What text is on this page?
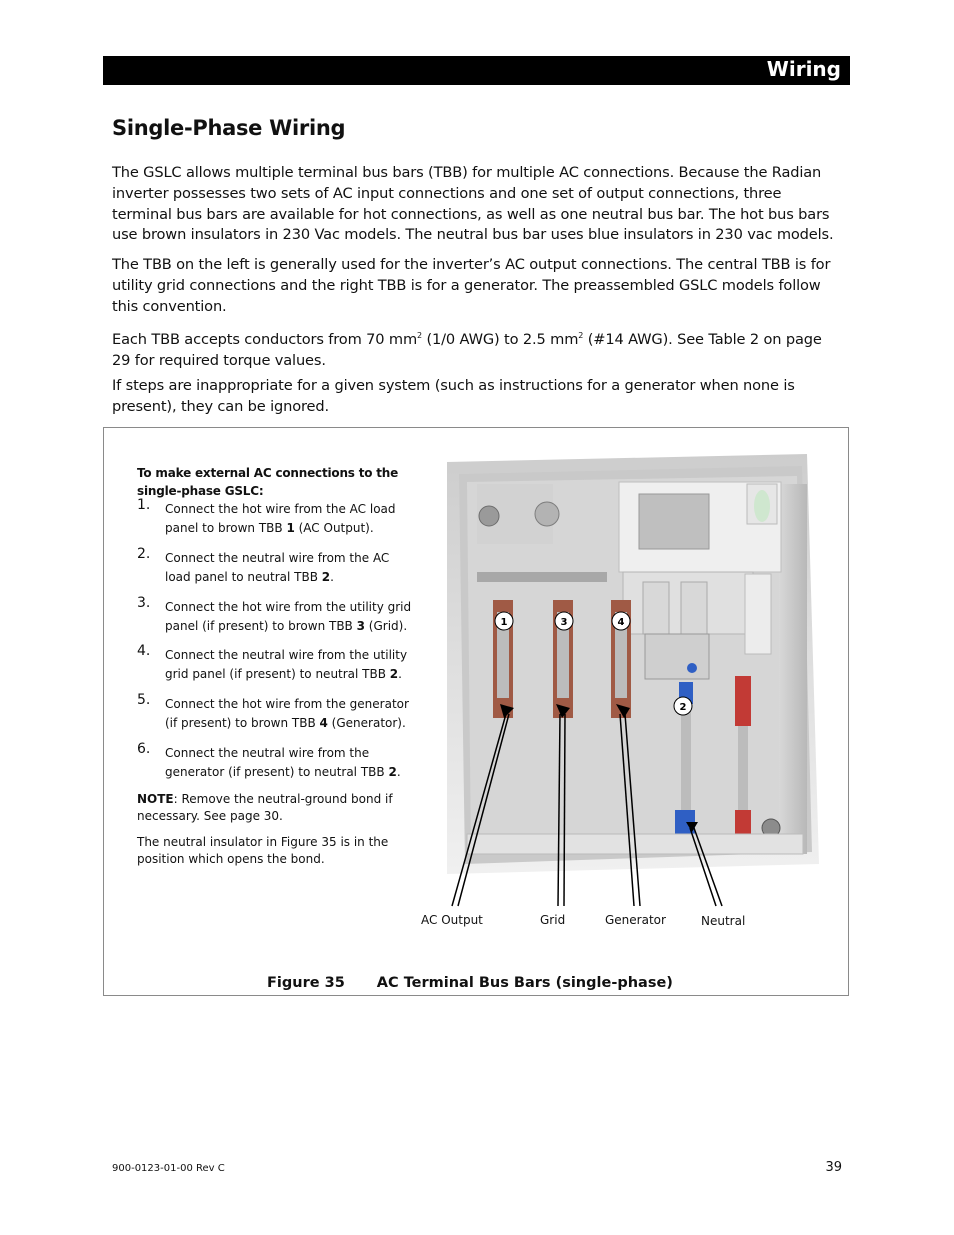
Wiring
Single-Phase Wiring

The GSLC allows multiple terminal bus bars (TBB) for multiple AC connections. Because the Radian inverter possesses two sets of AC input connections and one set of output connections, three terminal bus bars are available for hot connections, as well as one neutral bus bar. The hot bus bars use brown insulators in 230 Vac models. The neutral bus bar uses blue insulators in 230 vac models.

The TBB on the left is generally used for the inverter’s AC output connections. The central TBB is for utility grid connections and the right TBB is for a generator. The preassembled GSLC models follow this convention.

Each TBB accepts conductors from 70 $mm^2$ (1/0 AWG) to 2.5 $mm^2$ (#14 AWG). See Table 2 on page 29 for required torque values.

If steps are inappropriate for a given system (such as instructions for a generator when none is present), they can be ignored.

To make external AC connections to the single-phase GSLC:

1. Connect the hot wire from the AC load panel to brown TBB 1 (AC Output).
2. Connect the neutral wire from the AC load panel to neutral TBB 2.
3. Connect the hot wire from the utility grid panel (if present) to brown TBB 3 (Grid).
4. Connect the neutral wire from the utility grid panel (if present) to neutral TBB 2.
5. Connect the hot wire from the generator (if present) to brown TBB 4 (Generator).
6. Connect the neutral wire from the generator (if present) to neutral TBB 2.

NOTE: Remove the neutral-ground bond if necessary. See page 30.

The neutral insulator in Figure 35 is in the position which opens the bond.

1	3	4
2
AC Output	Grid	Generator	Neutral
Figure 35 AC Terminal Bus Bars (single-phase)
900-0123-01-00 Rev C	39
